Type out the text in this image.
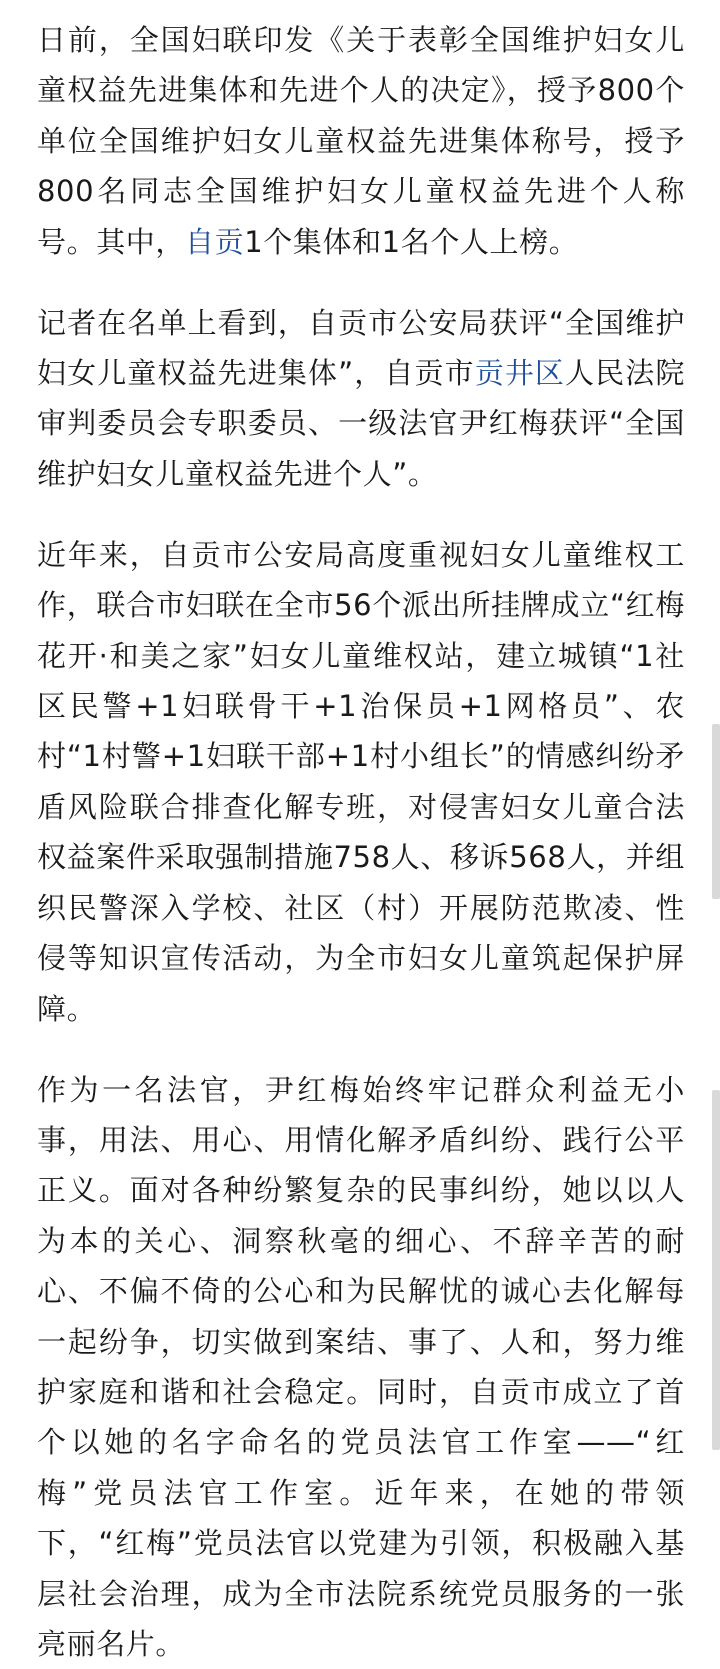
日前，全国妇联印发《关于表彰全国维护妇女儿童权益先进集体和先进个人的决定》，授予800个单位全国维护妇女儿童权益先进集体称号，授予800名同志全国维护妇女儿童权益先进个人称号。其中，自贡1个集体和1名个人上榜。

记者在名单上看到，自贡市公安局获评“全国维护妇女儿童权益先进集体”，自贡市贡井区人民法院审判委员会专职委员、一级法官尹红梅获评“全国维护妇女儿童权益先进个人”。

近年来，自贡市公安局高度重视妇女儿童维权工作，联合市妇联在全市56个派出所挂牌成立“红梅花开·和美之家”妇女儿童维权站，建立城镇“1社区民警+1妇联骨干+1治保员+1网格员”、农村“1村警+1妇联干部+1村小组长”的情感纠纷矛盾风险联合排查化解专班，对侵害妇女儿童合法权益案件采取强制措施758人、移诉568人，并组织民警深入学校、社区（村）开展防范欺凌、性侵等知识宣传活动，为全市妇女儿童筑起保护屏障。

作为一名法官，尹红梅始终牢记群众利益无小事，用法、用心、用情化解矛盾纠纷、践行公平正义。面对各种纷繁复杂的民事纠纷，她以以人为本的关心、洞察秋毫的细心、不辞辛苦的耐心、不偏不倚的公心和为民解忧的诚心去化解每一起纷争，切实做到案结、事了、人和，努力维护家庭和谐和社会稳定。同时，自贡市成立了首个以她的名字命名的党员法官工作室——“红梅”党员法官工作室。近年来，在她的带领下，“红梅”党员法官以党建为引领，积极融入基层社会治理，成为全市法院系统党员服务的一张亮丽名片。
